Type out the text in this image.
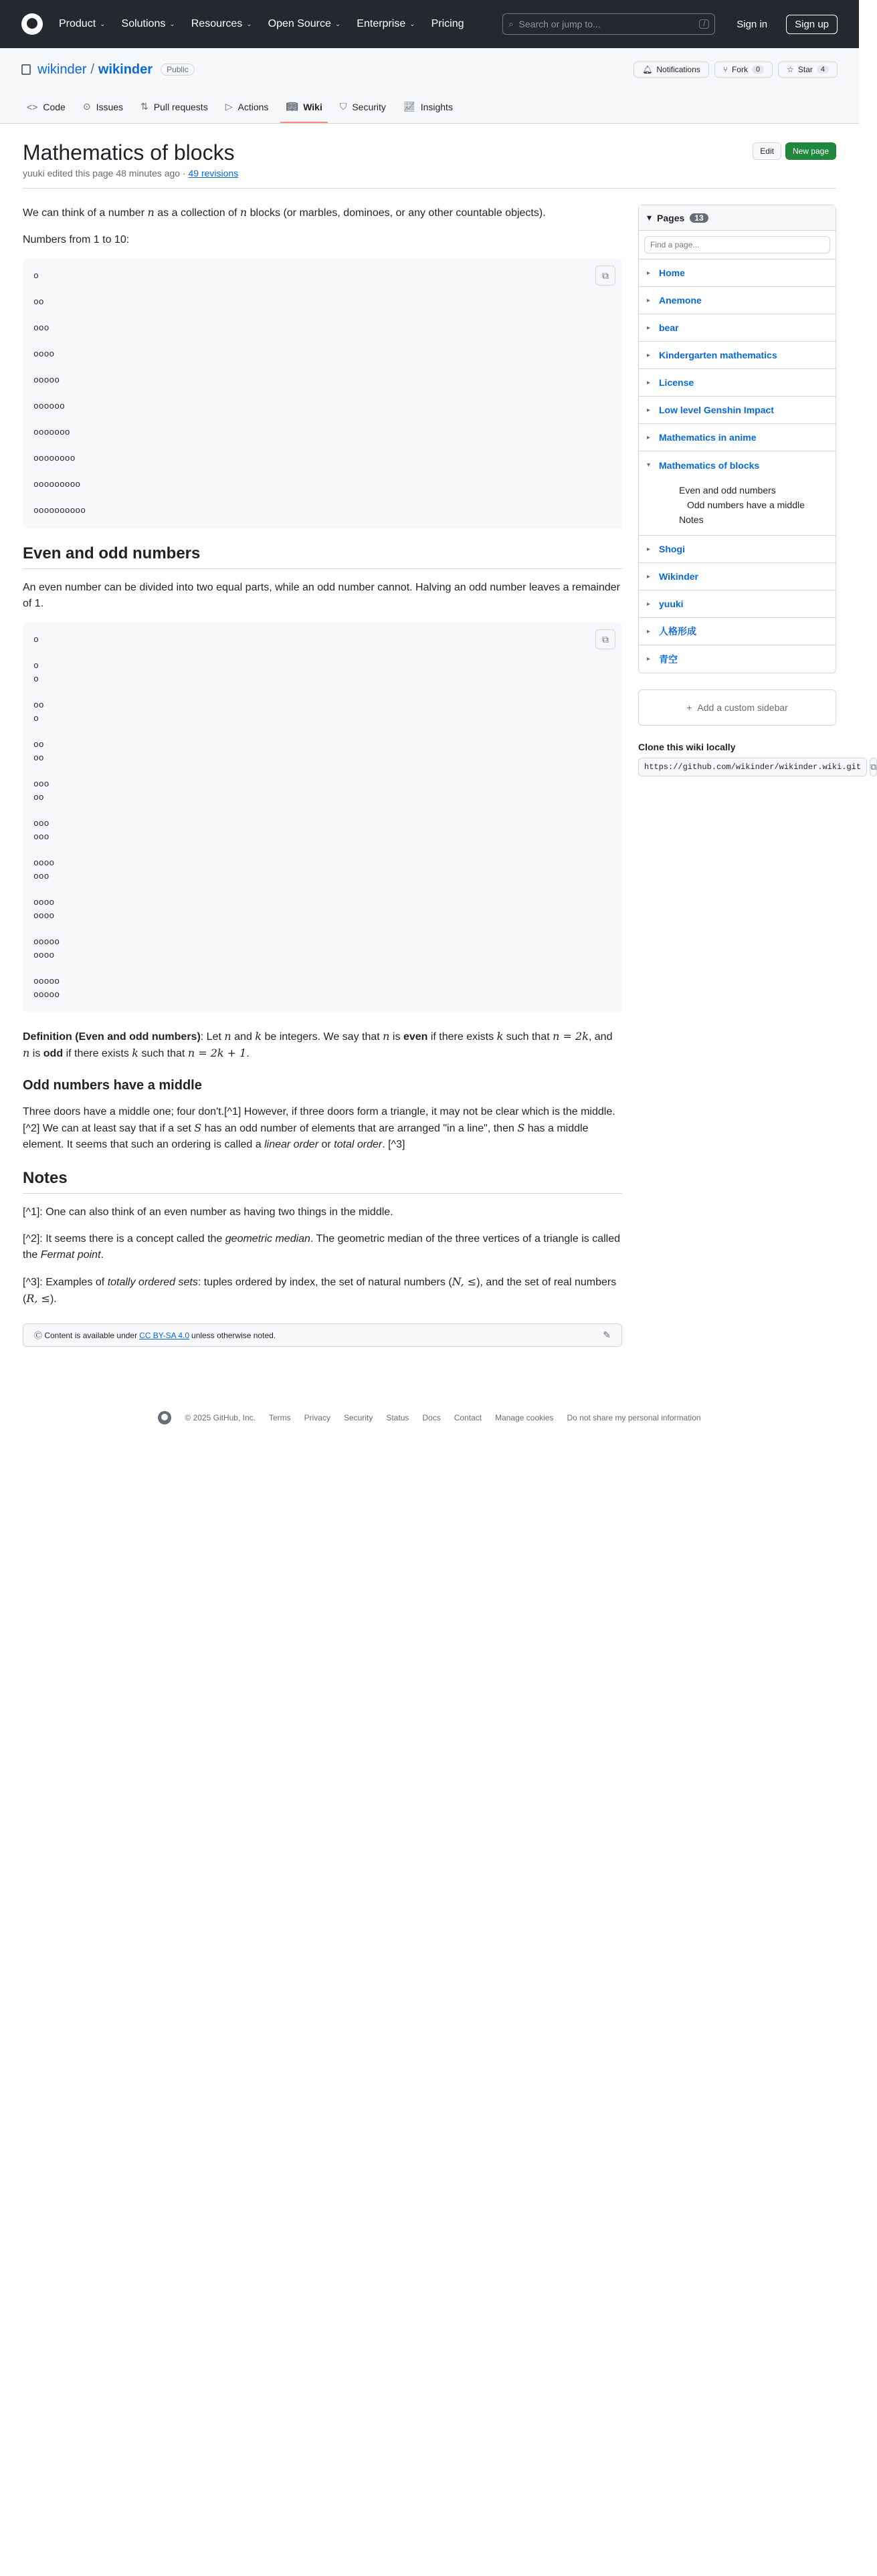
Product ⌄ Solutions ⌄ Resources ⌄ Open Source ⌄ Enterprise ⌄ Pricing	⌕ Search or jump to...	/	Sign in	Sign up
wikinder / wikinder	Public	🔔︎ Notifications	⑂ Fork	0	☆ Star	4
<> Code ⊙ Issues ⇅ Pull requests ▷ Actions 📖︎ Wiki ⛉ Security 📈︎ Insights
Mathematics of blocks
yuuki edited this page 48 minutes ago · 49 revisions
Edit	New page

We can think of a number n as a collection of n blocks (or marbles, dominoes, or any other countable objects).

Numbers from 1 to 10:

⧉
o
oo
ooo
oooo
ooooo
oooooo
ooooooo
oooooooo
ooooooooo
oooooooooo
Even and odd numbers

An even number can be divided into two equal parts, while an odd number cannot. Halving an odd number leaves a remainder of 1.

⧉
o
o
o
oo
o
oo
oo
ooo
oo
ooo
ooo
oooo
ooo
oooo
oooo
ooooo
oooo
ooooo
ooooo

Definition (Even and odd numbers): Let n and k be integers. We say that n is even if there exists k such that n = 2k, and n is odd if there exists k such that n = 2k + 1.

Odd numbers have a middle

Three doors have a middle one; four don't.[^1] However, if three doors form a triangle, it may not be clear which is the middle.[^2] We can at least say that if a set S has an odd number of elements that are arranged "in a line", then S has a middle element. It seems that such an ordering is called a linear order or total order. [^3]

Notes

[^1]: One can also think of an even number as having two things in the middle.

[^2]: It seems there is a concept called the geometric median. The geometric median of the three vertices of a triangle is called the Fermat point.

[^3]: Examples of totally ordered sets: tuples ordered by index, the set of natural numbers (N, ≤), and the set of real numbers (R, ≤).

Ⓒ Content is available under CC BY-SA 4.0 unless otherwise noted.	✎
▾ Pages	13
Find a page...
▸ Home
▸ Anemone
▸ bear
▸ Kindergarten mathematics
▸ License
▸ Low level Genshin Impact
▸ Mathematics in anime
▾ Mathematics of blocks
Even and odd numbers
Odd numbers have a middle
Notes
▸ Shogi
▸ Wikinder
▸ yuuki
▸ 人格形成
▸ 青空
+ Add a custom sidebar
Clone this wiki locally
https://github.com/wikinder/wikinder.wiki.git	⧉
© 2025 GitHub, Inc. Terms Privacy Security Status Docs Contact Manage cookies Do not share my personal information
